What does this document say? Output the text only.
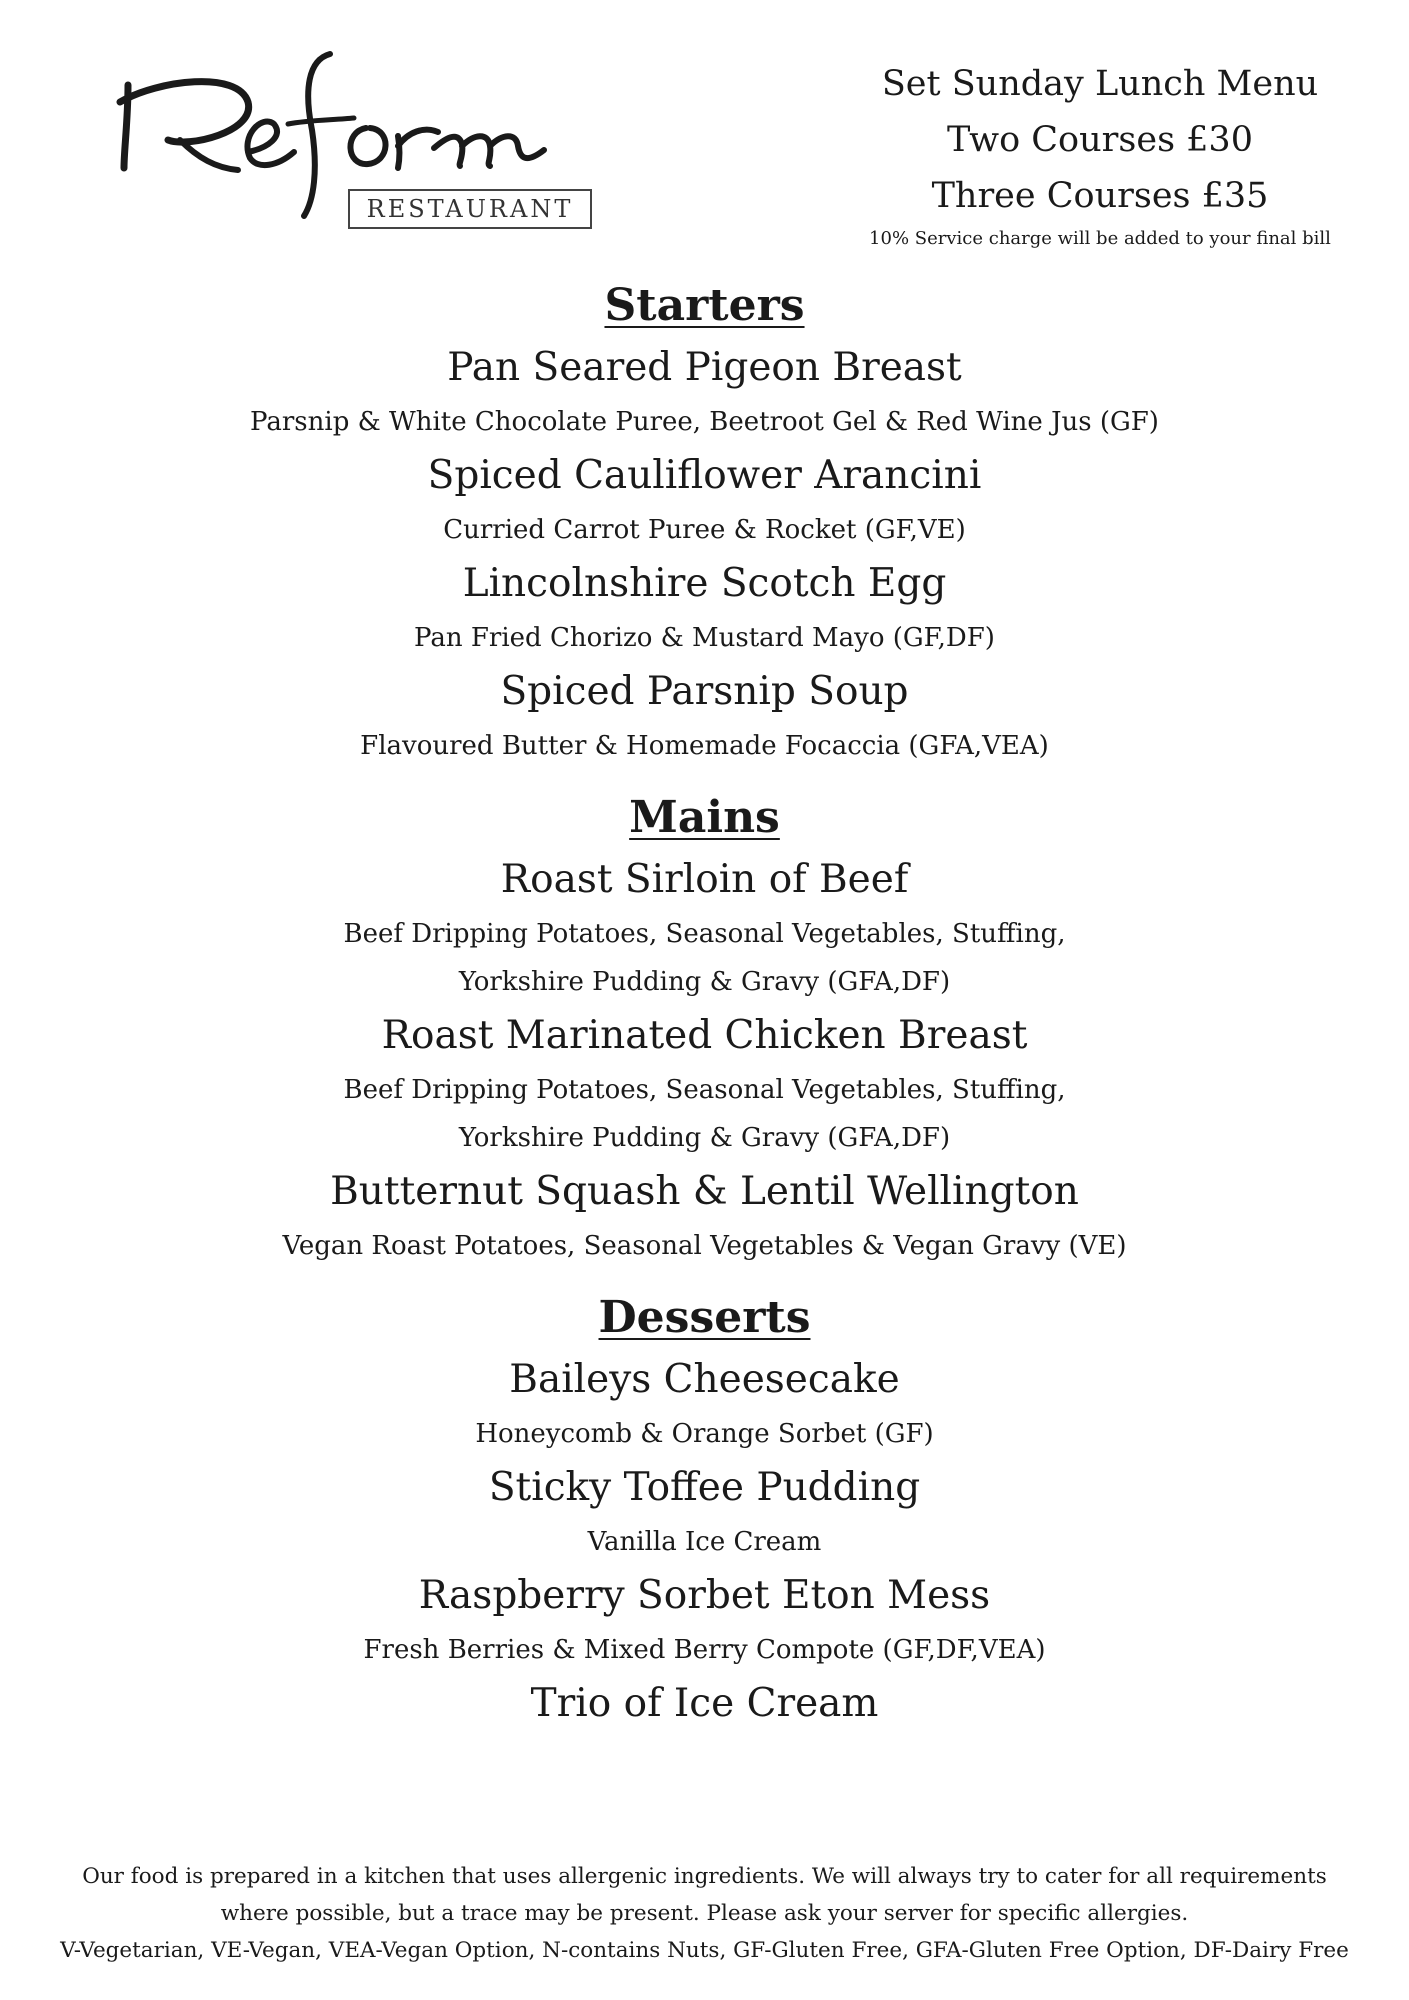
RESTAURANT
Set Sunday Lunch Menu
Two Courses £30
Three Courses £35
10% Service charge will be added to your final bill
Starters

Pan Seared Pigeon Breast

Parsnip & White Chocolate Puree, Beetroot Gel & Red Wine Jus (GF)

Spiced Cauliflower Arancini

Curried Carrot Puree & Rocket (GF,VE)

Lincolnshire Scotch Egg

Pan Fried Chorizo & Mustard Mayo (GF,DF)

Spiced Parsnip Soup

Flavoured Butter & Homemade Focaccia (GFA,VEA)

Mains

Roast Sirloin of Beef

Beef Dripping Potatoes, Seasonal Vegetables, Stuffing,

Yorkshire Pudding & Gravy (GFA,DF)

Roast Marinated Chicken Breast

Beef Dripping Potatoes, Seasonal Vegetables, Stuffing,

Yorkshire Pudding & Gravy (GFA,DF)

Butternut Squash & Lentil Wellington

Vegan Roast Potatoes, Seasonal Vegetables & Vegan Gravy (VE)

Desserts

Baileys Cheesecake

Honeycomb & Orange Sorbet (GF)

Sticky Toffee Pudding

Vanilla Ice Cream

Raspberry Sorbet Eton Mess

Fresh Berries & Mixed Berry Compote (GF,DF,VEA)

Trio of Ice Cream

Our food is prepared in a kitchen that uses allergenic ingredients. We will always try to cater for all requirements
where possible, but a trace may be present. Please ask your server for specific allergies.
V-Vegetarian, VE-Vegan, VEA-Vegan Option, N-contains Nuts, GF-Gluten Free, GFA-Gluten Free Option, DF-Dairy Free
